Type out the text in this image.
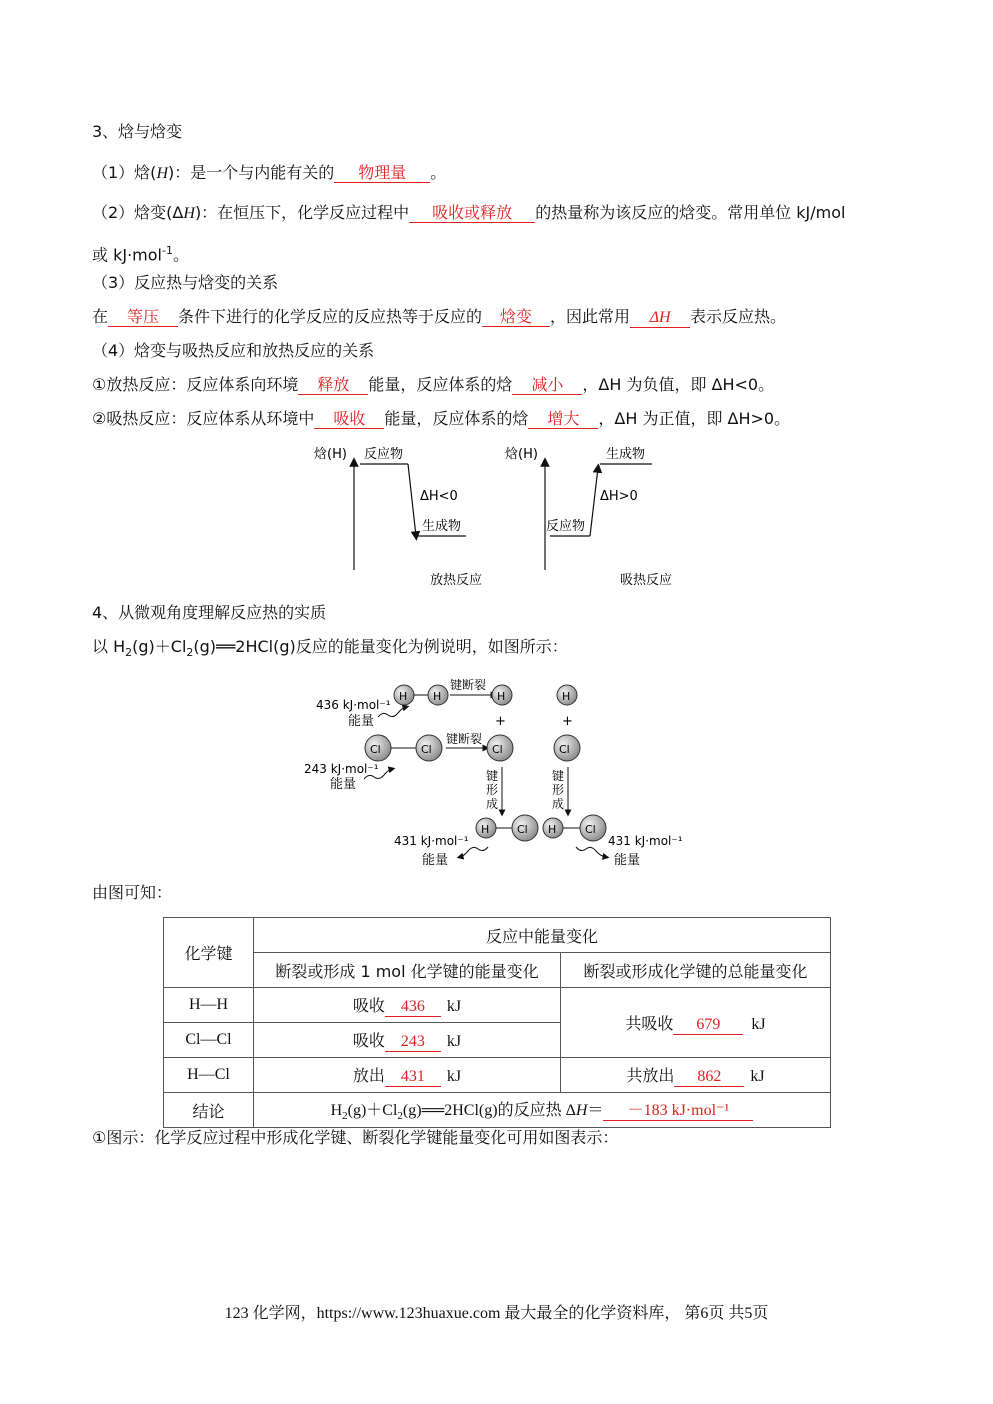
3、焓与焓变
（1）焓(H)：是一个与内能有关的 物理量 。
（2）焓变(ΔH)：在恒压下，化学反应过程中 吸收或释放 的热量称为该反应的焓变。常用单位 kJ/mol
或 kJ·mol$^{-1}$。
（3）反应热与焓变的关系
在 等压 条件下进行的化学反应的反应热等于反应的 焓变 ，因此常用 ΔH 表示反应热。
（4）焓变与吸热反应和放热反应的关系
①放热反应：反应体系向环境 释放 能量，反应体系的焓 减小 ，ΔH 为负值，即 ΔH<0。
②吸热反应：反应体系从环境中 吸收 能量，反应体系的焓 增大 ，ΔH 为正值，即 ΔH>0。
焓(H) 反应物
ΔH<0
生成物
放热反应
焓(H)	生成物
ΔH>0
反应物
吸热反应
4、从微观角度理解反应热的实质
以 $H_2(g)+Cl_2(g)══2HCl(g)$反应的能量变化为例说明，如图所示：
H H
键断裂
H	H
436 kJ·mol⁻¹
能量	+	+
Cl	Cl
键断裂
Cl	Cl
243 kJ·mol⁻¹
能量
键
形
成
键
形
成
H	Cl H	Cl
431 kJ·mol⁻¹
能量
431 kJ·mol⁻¹
能量
由图可知：
化学键	反应中能量变化	
	断裂或形成 1 mol 化学键的能量变化	断裂或形成化学键的总能量变化
H—H	吸收 436 kJ	共吸收 679 kJ
Cl—Cl	吸收 243 kJ	
H—Cl	放出 431 kJ	共放出 862 kJ
结论	$H_2(g)+Cl_2(g)══2HCl(g)$的反应热 ΔH＝ －183 kJ·mol⁻¹	
①图示：化学反应过程中形成化学键、断裂化学键能量变化可用如图表示：
123 化学网，https://www.123huaxue.com 最大最全的化学资料库， 第6页 共5页
